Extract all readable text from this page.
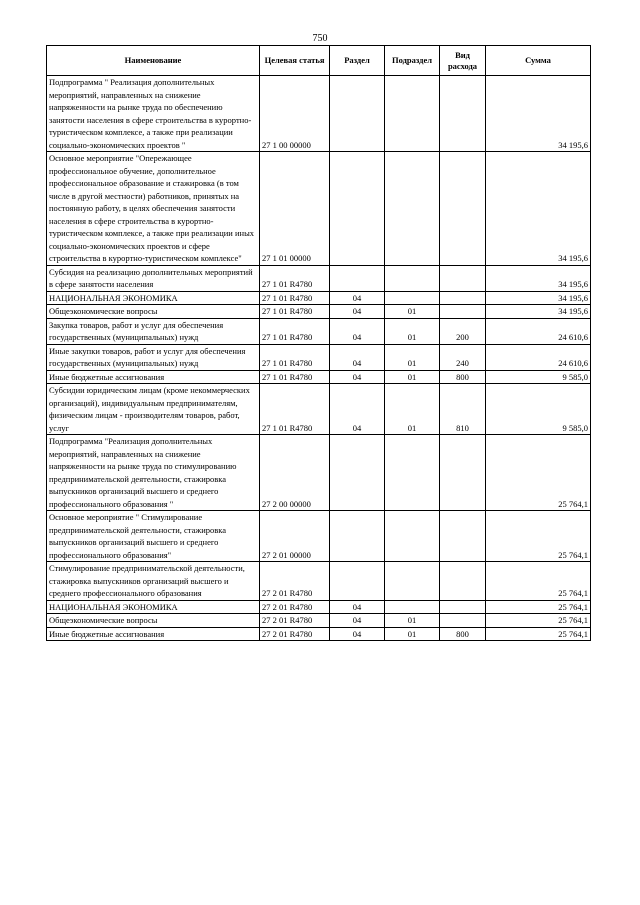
750
Наименование	Целевая статья	Раздел	Подраздел	Вид расхода	Сумма
Подпрограмма " Реализация дополнительных мероприятий, направленных на снижение напряженности на рынке труда по обеспечению занятости населения в сфере строительства в курортно-туристическом комплексе, а также при реализации социально-экономических проектов "	27 1 00 00000				34 195,6
Основное мероприятие "Опережающее профессиональное обучение, дополнительное профессиональное образование и стажировка (в том числе в другой местности) работников, принятых на постоянную работу, в целях обеспечения занятости населения в сфере строительства в курортно-туристическом комплексе, а также при реализации иных социально-экономических проектов и сфере строительства в курортно-туристическом комплексе"	27 1 01 00000				34 195,6
Субсидия на реализацию дополнительных мероприятий в сфере занятости населения	27 1 01 R4780				34 195,6
НАЦИОНАЛЬНАЯ ЭКОНОМИКА	27 1 01 R4780	04			34 195,6
Общеэкономические вопросы	27 1 01 R4780	04	01		34 195,6
Закупка товаров, работ и услуг для обеспечения государственных (муниципальных) нужд	27 1 01 R4780	04	01	200	24 610,6
Иные закупки товаров, работ и услуг для обеспечения государственных (муниципальных) нужд	27 1 01 R4780	04	01	240	24 610,6
Иные бюджетные ассигнования	27 1 01 R4780	04	01	800	9 585,0
Субсидии юридическим лицам (кроме некоммерческих организаций), индивидуальным предпринимателям, физическим лицам - производителям товаров, работ, услуг	27 1 01 R4780	04	01	810	9 585,0
Подпрограмма "Реализация дополнительных мероприятий, направленных на снижение напряженности на рынке труда по стимулированию предпринимательской деятельности, стажировка выпускников организаций высшего и среднего профессионального образования "	27 2 00 00000				25 764,1
Основное мероприятие " Стимулирование предпринимательской деятельности, стажировка выпускников организаций высшего и среднего профессионального образования"	27 2 01 00000				25 764,1
Стимулирование предпринимательской деятельности, стажировка выпускников организаций высшего и среднего профессионального образования	27 2 01 R4780				25 764,1
НАЦИОНАЛЬНАЯ ЭКОНОМИКА	27 2 01 R4780	04			25 764,1
Общеэкономические вопросы	27 2 01 R4780	04	01		25 764,1
Иные бюджетные ассигнования	27 2 01 R4780	04	01	800	25 764,1
